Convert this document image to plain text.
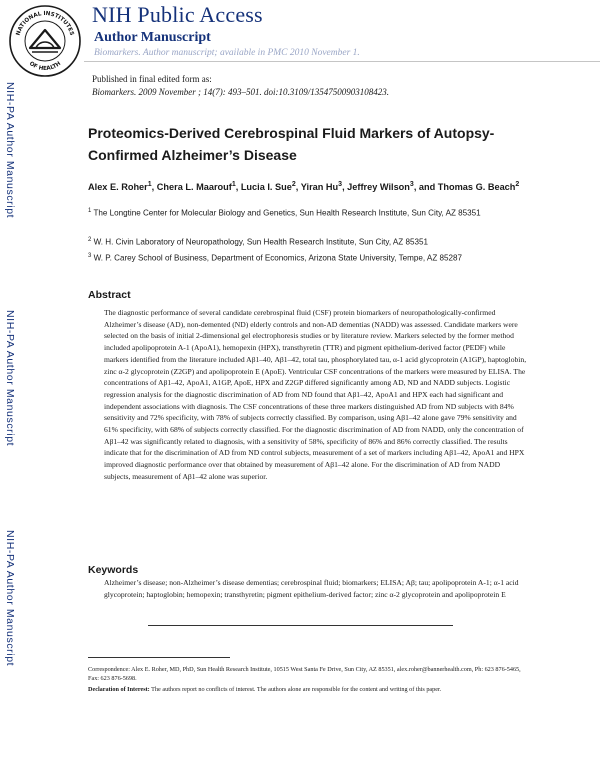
NATIONAL INSTITUTES
OF HEALTH
NIH Public Access
Author Manuscript
Biomarkers. Author manuscript; available in PMC 2010 November 1.
Published in final edited form as:
Biomarkers. 2009 November ; 14(7): 493–501. doi:10.3109/13547500903108423.
NIH-PA Author Manuscript
NIH-PA Author Manuscript
NIH-PA Author Manuscript
Proteomics-Derived Cerebrospinal Fluid Markers of Autopsy-
Confirmed Alzheimer’s Disease
Alex E. Roher$^1$, Chera L. Maarouf$^1$, Lucia I. Sue$^2$, Yiran Hu$^3$, Jeffrey Wilson$^3$, and Thomas G. Beach$^2$
$^1$ The Longtine Center for Molecular Biology and Genetics, Sun Health Research Institute, Sun City, AZ 85351
$^2$ W. H. Civin Laboratory of Neuropathology, Sun Health Research Institute, Sun City, AZ 85351
$^3$ W. P. Carey School of Business, Department of Economics, Arizona State University, Tempe, AZ 85287
Abstract
The diagnostic performance of several candidate cerebrospinal fluid (CSF) protein biomarkers of neuropathologically-confirmed Alzheimer’s disease (AD), non-demented (ND) elderly controls and non-AD dementias (NADD) was assessed. Candidate markers were selected on the basis of initial 2-dimensional gel electrophoresis studies or by literature review. Markers selected by the former method included apolipoprotein A-1 (ApoA1), hemopexin (HPX), transthyretin (TTR) and pigment epithelium-derived factor (PEDF) while markers identified from the literature included Aβ1–40, Aβ1–42, total tau, phosphorylated tau, α-1 acid glycoprotein (A1GP), haptoglobin, zinc α-2 glycoprotein (Z2GP) and apolipoprotein E (ApoE). Ventricular CSF concentrations of the markers were measured by ELISA. The concentrations of Aβ1–42, ApoA1, A1GP, ApoE, HPX and Z2GP differed significantly among AD, ND and NADD subjects. Logistic regression analysis for the diagnostic discrimination of AD from ND found that Aβ1–42, ApoA1 and HPX each had significant and independent associations with diagnosis. The CSF concentrations of these three markers distinguished AD from ND subjects with 84% sensitivity and 72% specificity, with 78% of subjects correctly classified. By comparison, using Aβ1–42 alone gave 79% sensitivity and 61% specificity, with 68% of subjects correctly classified. For the diagnostic discrimination of AD from NADD, only the concentration of Aβ1–42 was significantly related to diagnosis, with a sensitivity of 58%, specificity of 86% and 86% correctly classified. The results indicate that for the discrimination of AD from ND control subjects, measurement of a set of markers including Aβ1–42, ApoA1 and HPX improved diagnostic performance over that obtained by measurement of Aβ1–42 alone. For the discrimination of AD from NADD subjects, measurement of Aβ1–42 alone was superior.
Keywords
Alzheimer’s disease; non-Alzheimer’s disease dementias; cerebrospinal fluid; biomarkers; ELISA; Aβ; tau; apolipoprotein A-1; α-1 acid glycoprotein; haptoglobin; hemopexin; transthyretin; pigment epithelium-derived factor; zinc α-2 glycoprotein and apolipoprotein E
Correspondence: Alex E. Roher, MD, PhD, Sun Health Research Institute, 10515 West Santa Fe Drive, Sun City, AZ 85351, alex.roher@bannerhealth.com, Ph: 623 876-5465, Fax: 623 876-5698.
Declaration of Interest: The authors report no conflicts of interest. The authors alone are responsible for the content and writing of this paper.
